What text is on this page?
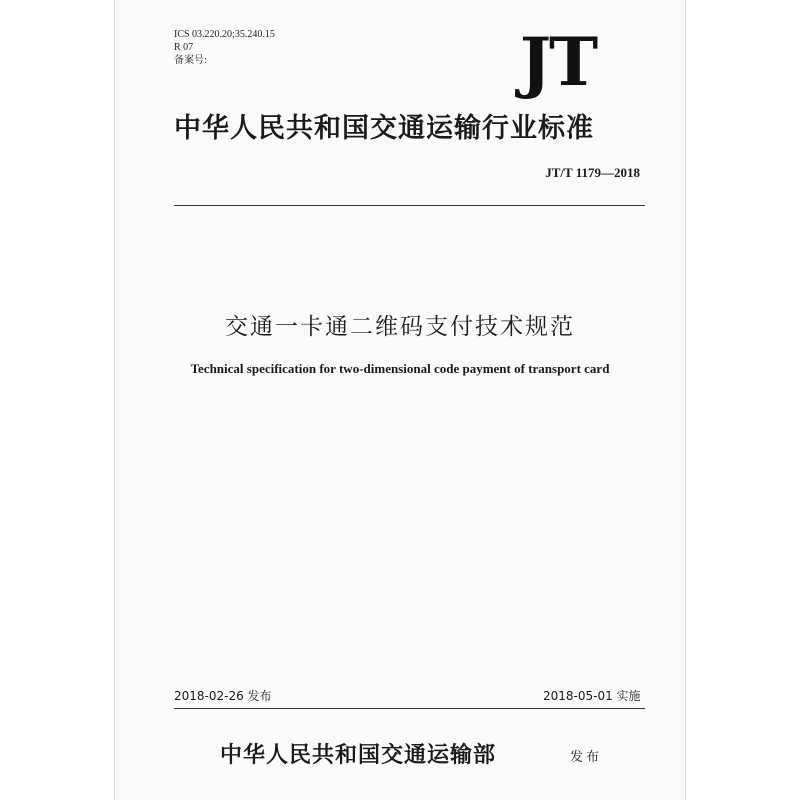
ICS 03.220.20;35.240.15
R 07
备案号:	JT
中华人民共和国交通运输行业标准
JT/T 1179—2018
交通一卡通二维码支付技术规范
Technical specification for two-dimensional code payment of transport card
2018-02-26 发布	2018-05-01 实施
中华人民共和国交通运输部	发布
